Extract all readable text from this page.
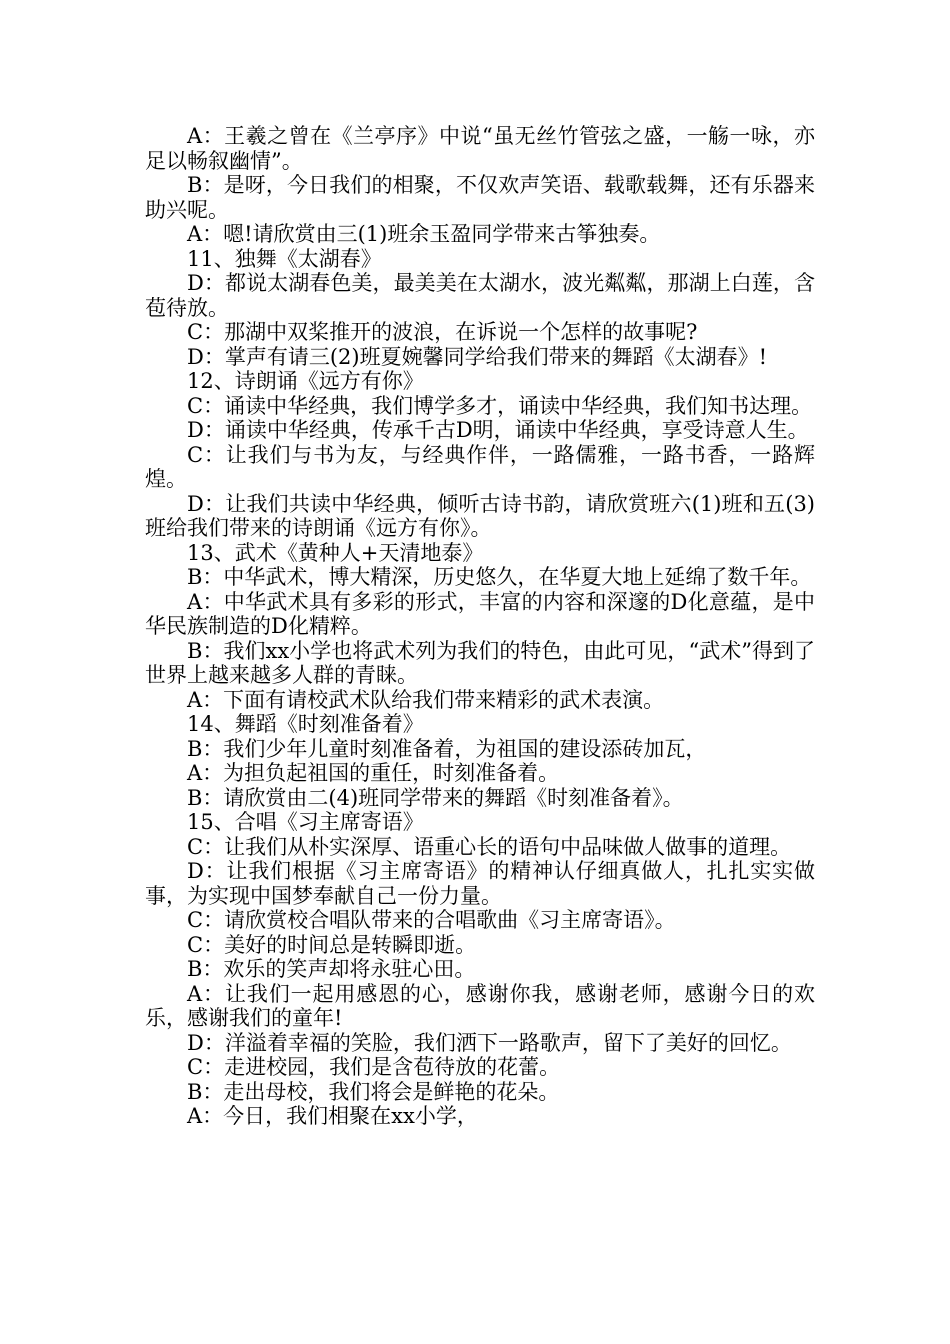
A：王羲之曾在《兰亭序》中说“虽无丝竹管弦之盛，一觞一咏，亦足以畅叙幽情”。

B：是呀，今日我们的相聚，不仅欢声笑语、载歌载舞，还有乐器来助兴呢。

A：嗯!请欣赏由三(1)班余玉盈同学带来古筝独奏。

11、独舞《太湖春》

D：都说太湖春色美，最美美在太湖水，波光粼粼，那湖上白莲，含苞待放。

C：那湖中双桨推开的波浪，在诉说一个怎样的故事呢?

D：掌声有请三(2)班夏婉馨同学给我们带来的舞蹈《太湖春》!

12、诗朗诵《远方有你》

C：诵读中华经典，我们博学多才，诵读中华经典，我们知书达理。

D：诵读中华经典，传承千古D明，诵读中华经典，享受诗意人生。

C：让我们与书为友，与经典作伴，一路儒雅，一路书香，一路辉煌。

D：让我们共读中华经典，倾听古诗书韵，请欣赏班六(1)班和五(3)班给我们带来的诗朗诵《远方有你》。

13、武术《黄种人+天清地泰》

B：中华武术，博大精深，历史悠久，在华夏大地上延绵了数千年。

A：中华武术具有多彩的形式，丰富的内容和深邃的D化意蕴，是中华民族制造的D化精粹。

B：我们xx小学也将武术列为我们的特色，由此可见，“武术”得到了世界上越来越多人群的青睐。

A：下面有请校武术队给我们带来精彩的武术表演。

14、舞蹈《时刻准备着》

B：我们少年儿童时刻准备着，为祖国的建设添砖加瓦，

A：为担负起祖国的重任，时刻准备着。

B：请欣赏由二(4)班同学带来的舞蹈《时刻准备着》。

15、合唱《习主席寄语》

C：让我们从朴实深厚、语重心长的语句中品味做人做事的道理。

D：让我们根据《习主席寄语》的精神认仔细真做人，扎扎实实做事，为实现中国梦奉献自己一份力量。

C：请欣赏校合唱队带来的合唱歌曲《习主席寄语》。

C：美好的时间总是转瞬即逝。

B：欢乐的笑声却将永驻心田。

A：让我们一起用感恩的心，感谢你我，感谢老师，感谢今日的欢乐，感谢我们的童年!

D：洋溢着幸福的笑脸，我们洒下一路歌声，留下了美好的回忆。

C：走进校园，我们是含苞待放的花蕾。

B：走出母校，我们将会是鲜艳的花朵。

A：今日，我们相聚在xx小学，
